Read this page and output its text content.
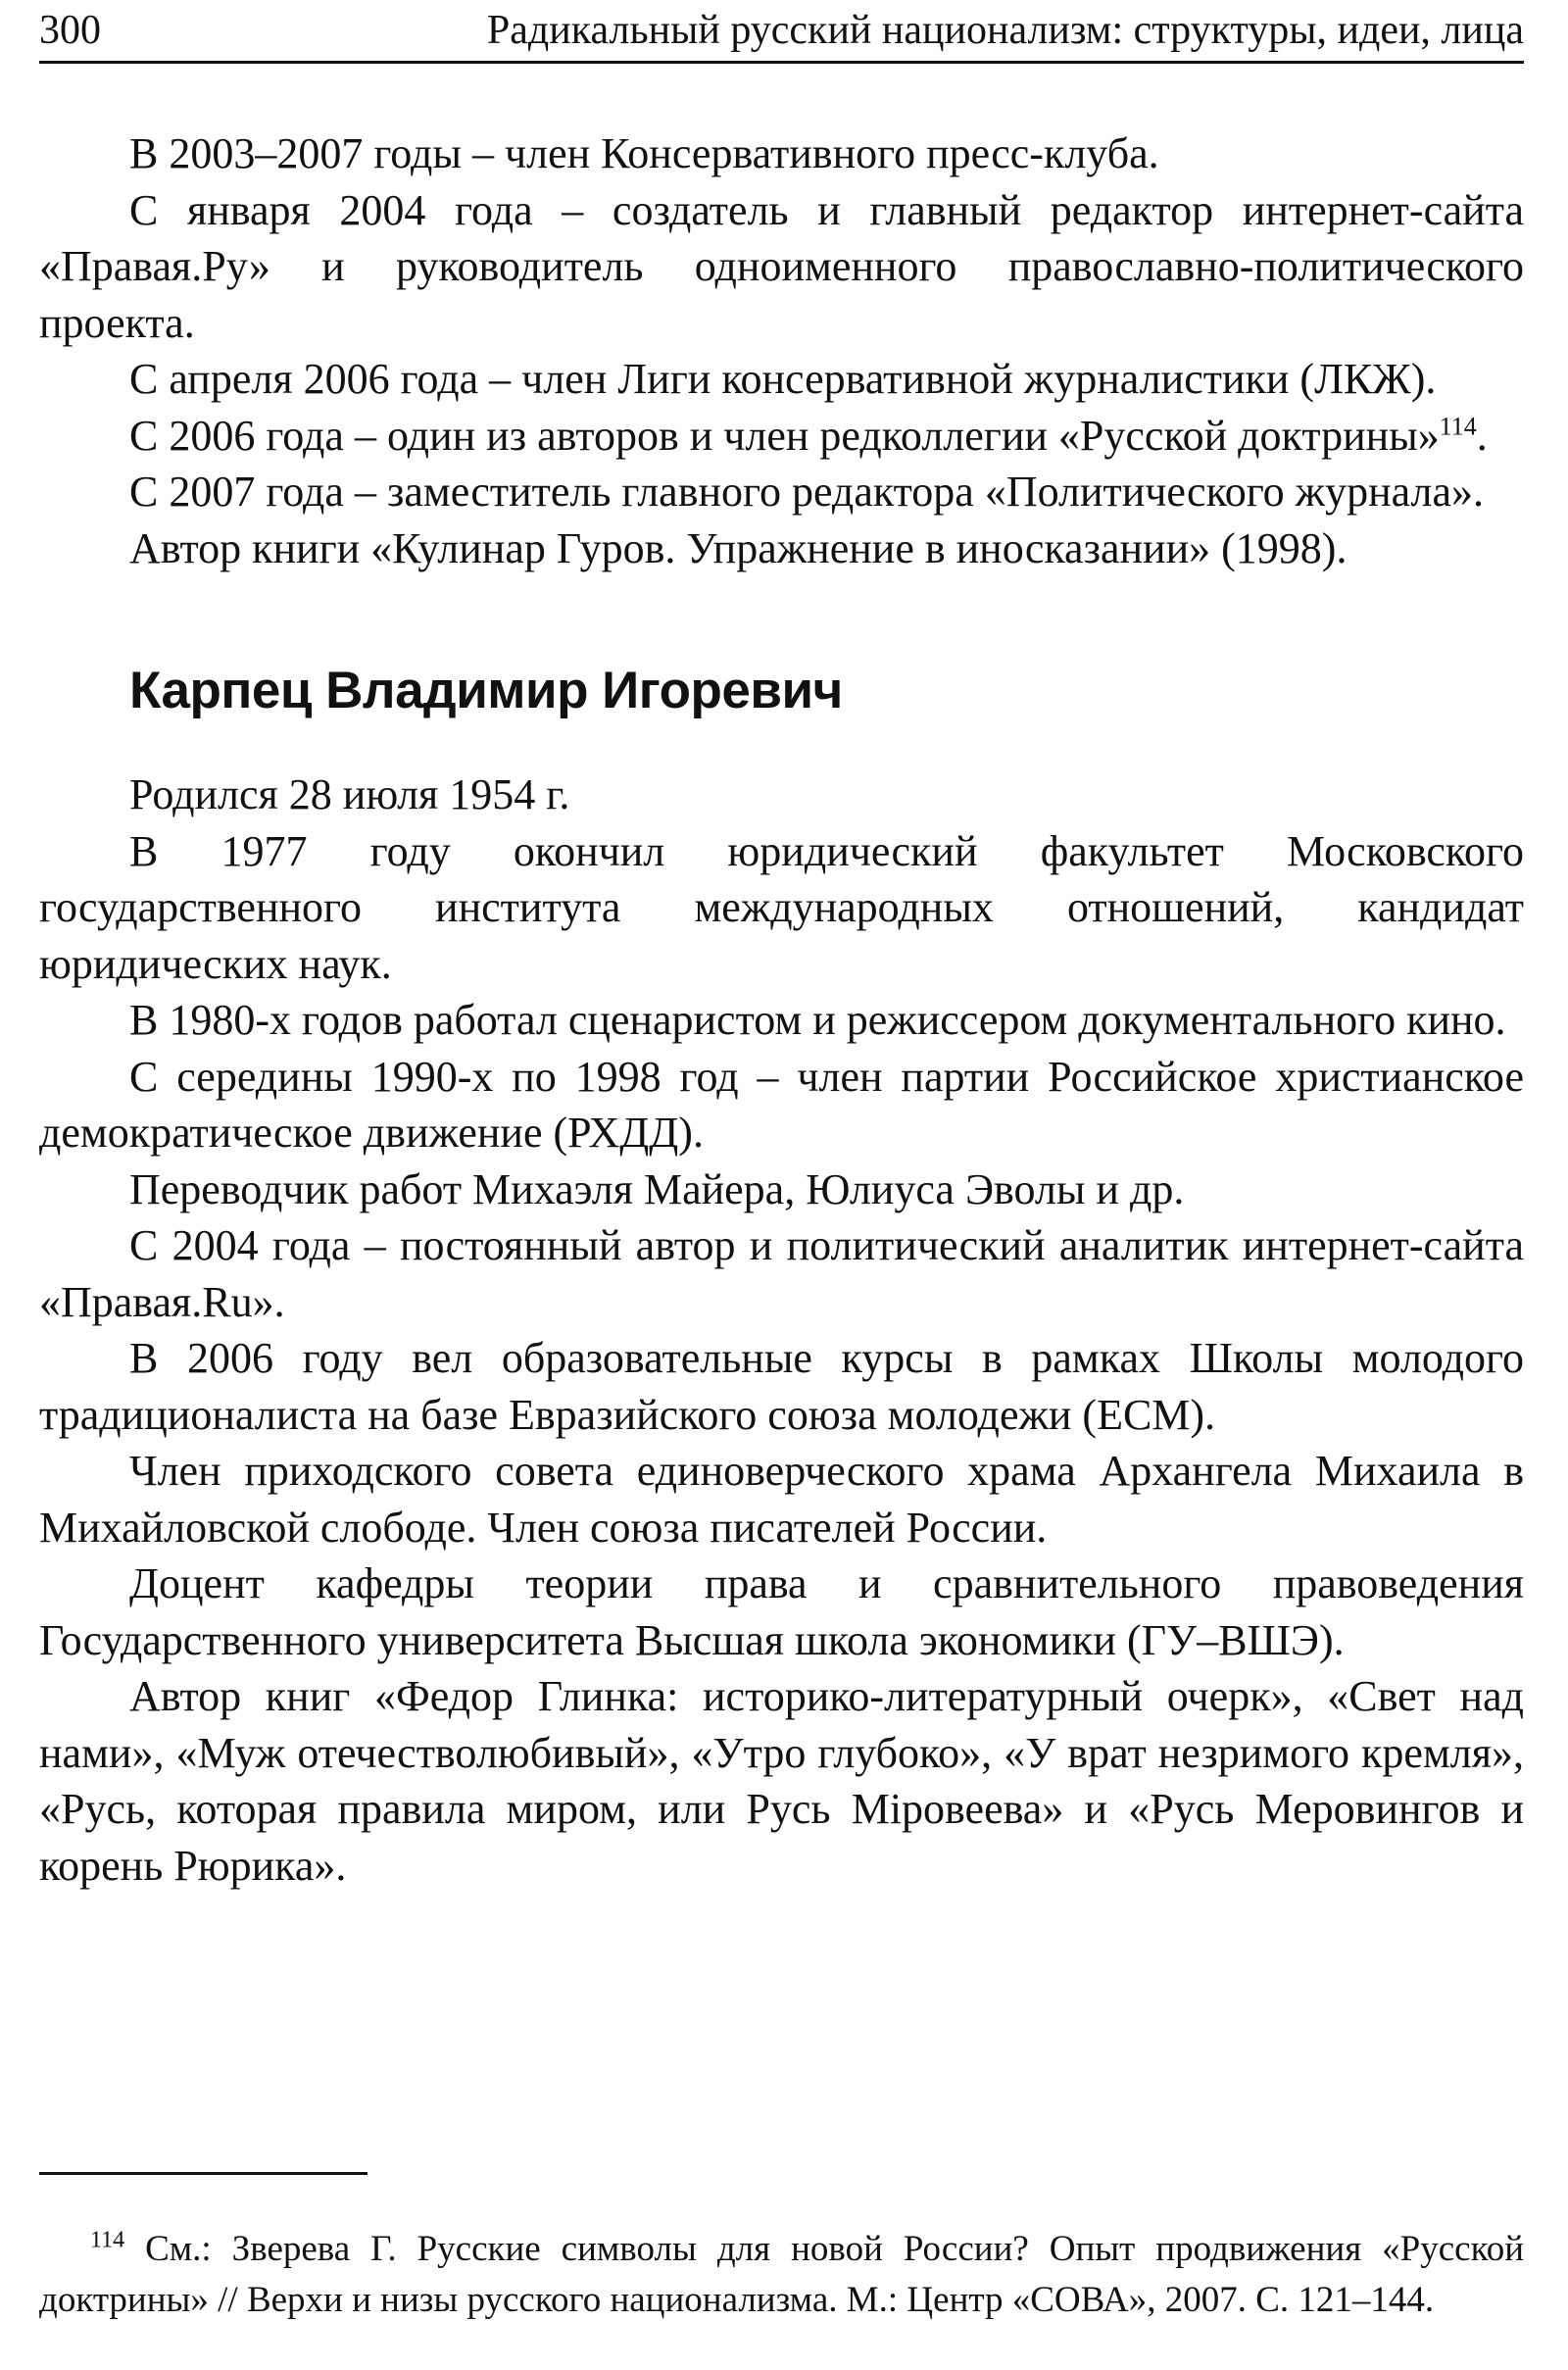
300	Радикальный русский национализм: структуры, идеи, лица

В 2003–2007 годы – член Консервативного пресс-клуба.

С января 2004 года – создатель и главный редактор интернет-сайта «Правая.Ру» и руководитель одноименного православно-политического проекта.

С апреля 2006 года – член Лиги консервативной журналистики (ЛКЖ).

С 2006 года – один из авторов и член редколлегии «Русской доктрины»$^{114}$.

С 2007 года – заместитель главного редактора «Политического журнала».

Автор книги «Кулинар Гуров. Упражнение в иносказании» (1998).

Карпец Владимир Игоревич

Родился 28 июля 1954 г.

В 1977 году окончил юридический факультет Московского государственного института международных отношений, кандидат юридических наук.

В 1980-х годов работал сценаристом и режиссером документального кино.

С середины 1990-х по 1998 год – член партии Российское христианское демократическое движение (РХДД).

Переводчик работ Михаэля Майера, Юлиуса Эволы и др.

С 2004 года – постоянный автор и политический аналитик интернет-сайта «Правая.Ru».

В 2006 году вел образовательные курсы в рамках Школы молодого традиционалиста на базе Евразийского союза молодежи (ЕСМ).

Член приходского совета единоверческого храма Архангела Михаила в Михайловской слободе. Член союза писателей России.

Доцент кафедры теории права и сравнительного правоведения Государственного университета Высшая школа экономики (ГУ–ВШЭ).

Автор книг «Федор Глинка: историко-литературный очерк», «Свет над нами», «Муж отечестволюбивый», «Утро глубоко», «У врат незримого кремля», «Русь, которая правила миром, или Русь Міровеева» и «Русь Меровингов и корень Рюрика».

$^{114}$ См.: Зверева Г. Русские символы для новой России? Опыт продвижения «Русской доктрины» // Верхи и низы русского национализма. М.: Центр «СОВА», 2007. С. 121–144.
